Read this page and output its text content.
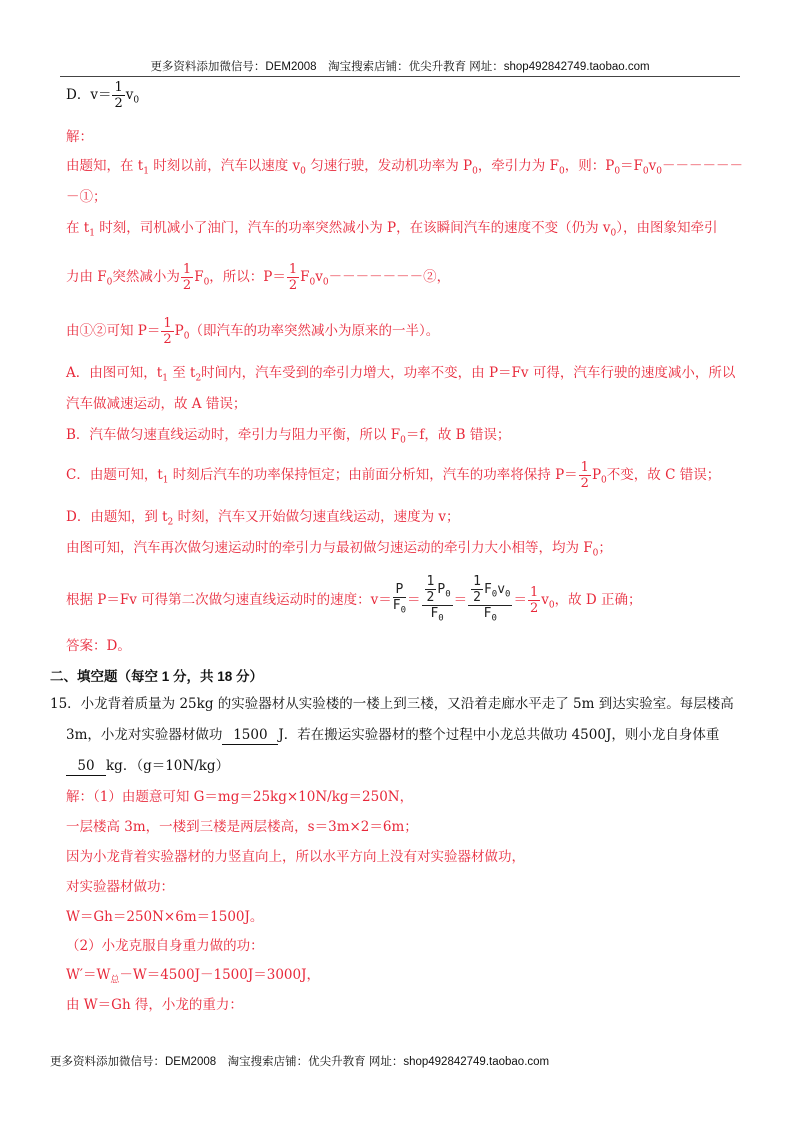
更多资料添加微信号：DEM2008　淘宝搜索店铺：优尖升教育 网址：shop492842749.taobao.com
D．$v= \frac{1}{2} v_0$
解：
由题知，在 $t_1$ 时刻以前，汽车以速度 $v_0$ 匀速行驶，发动机功率为 $P_0$，牵引力为 $F_0$，则：$P_0=F_0v_0------$
－①；
在 $t_1$ 时刻，司机减小了油门，汽车的功率突然减小为 P，在该瞬间汽车的速度不变（仍为 $v_0$），由图象知牵引
力由 $F_0$突然减小为 $\frac{1}{2} F_0$，所以：$P= \frac{1}{2}$ $F_0v_0-------②$，
由①②可知 $P= \frac{1}{2} P_0$（即汽车的功率突然减小为原来的一半）。
A．由图可知，$t_1$ 至 $t_2$时间内，汽车受到的牵引力增大，功率不变，由 P＝Fv 可得，汽车行驶的速度减小，所以
汽车做减速运动，故 A 错误；
B．汽车做匀速直线运动时，牵引力与阻力平衡，所以 $F_0=f$，故 B 错误；
C．由题可知，$t_1$ 时刻后汽车的功率保持恒定；由前面分析知，汽车的功率将保持 $P= \frac{1}{2} P_0$不变，故 C 错误；
D．由题知，到 $t_2$ 时刻，汽车又开始做匀速直线运动，速度为 v；
由图可知，汽车再次做匀速运动时的牵引力与最初做匀速运动的牵引力大小相等，均为 $F_0$；
根据 P＝Fv 可得第二次做匀速直线运动时的速度：$v= \frac{P}{F_0} = \frac{\frac{1}{2} P_0}{F_0} = \frac{\frac{1}{2} F_0v_0}{F_0} = \frac{1}{2} v_0$，故 D 正确；
答案：D。
二、填空题（每空 1 分，共 18 分）
15．小龙背着质量为 25kg 的实验器材从实验楼的一楼上到三楼，又沿着走廊水平走了 5m 到达实验室。每层楼高
3m，小龙对实验器材做功 1500 J．若在搬运实验器材的整个过程中小龙总共做功 4500J，则小龙自身体重
50 kg．（g＝10N/kg）
解：（1）由题意可知 G＝mg＝25kg×10N/kg＝250N，
一层楼高 3m，一楼到三楼是两层楼高，s＝3m×2＝6m；
因为小龙背着实验器材的力竖直向上，所以水平方向上没有对实验器材做功，
对实验器材做功：
W＝Gh＝250N×6m＝1500J。
（2）小龙克服自身重力做的功：
$W'=W_总-W=4500J-1500J=3000J$，
由 W＝Gh 得，小龙的重力：
更多资料添加微信号：DEM2008　淘宝搜索店铺：优尖升教育 网址：shop492842749.taobao.com
